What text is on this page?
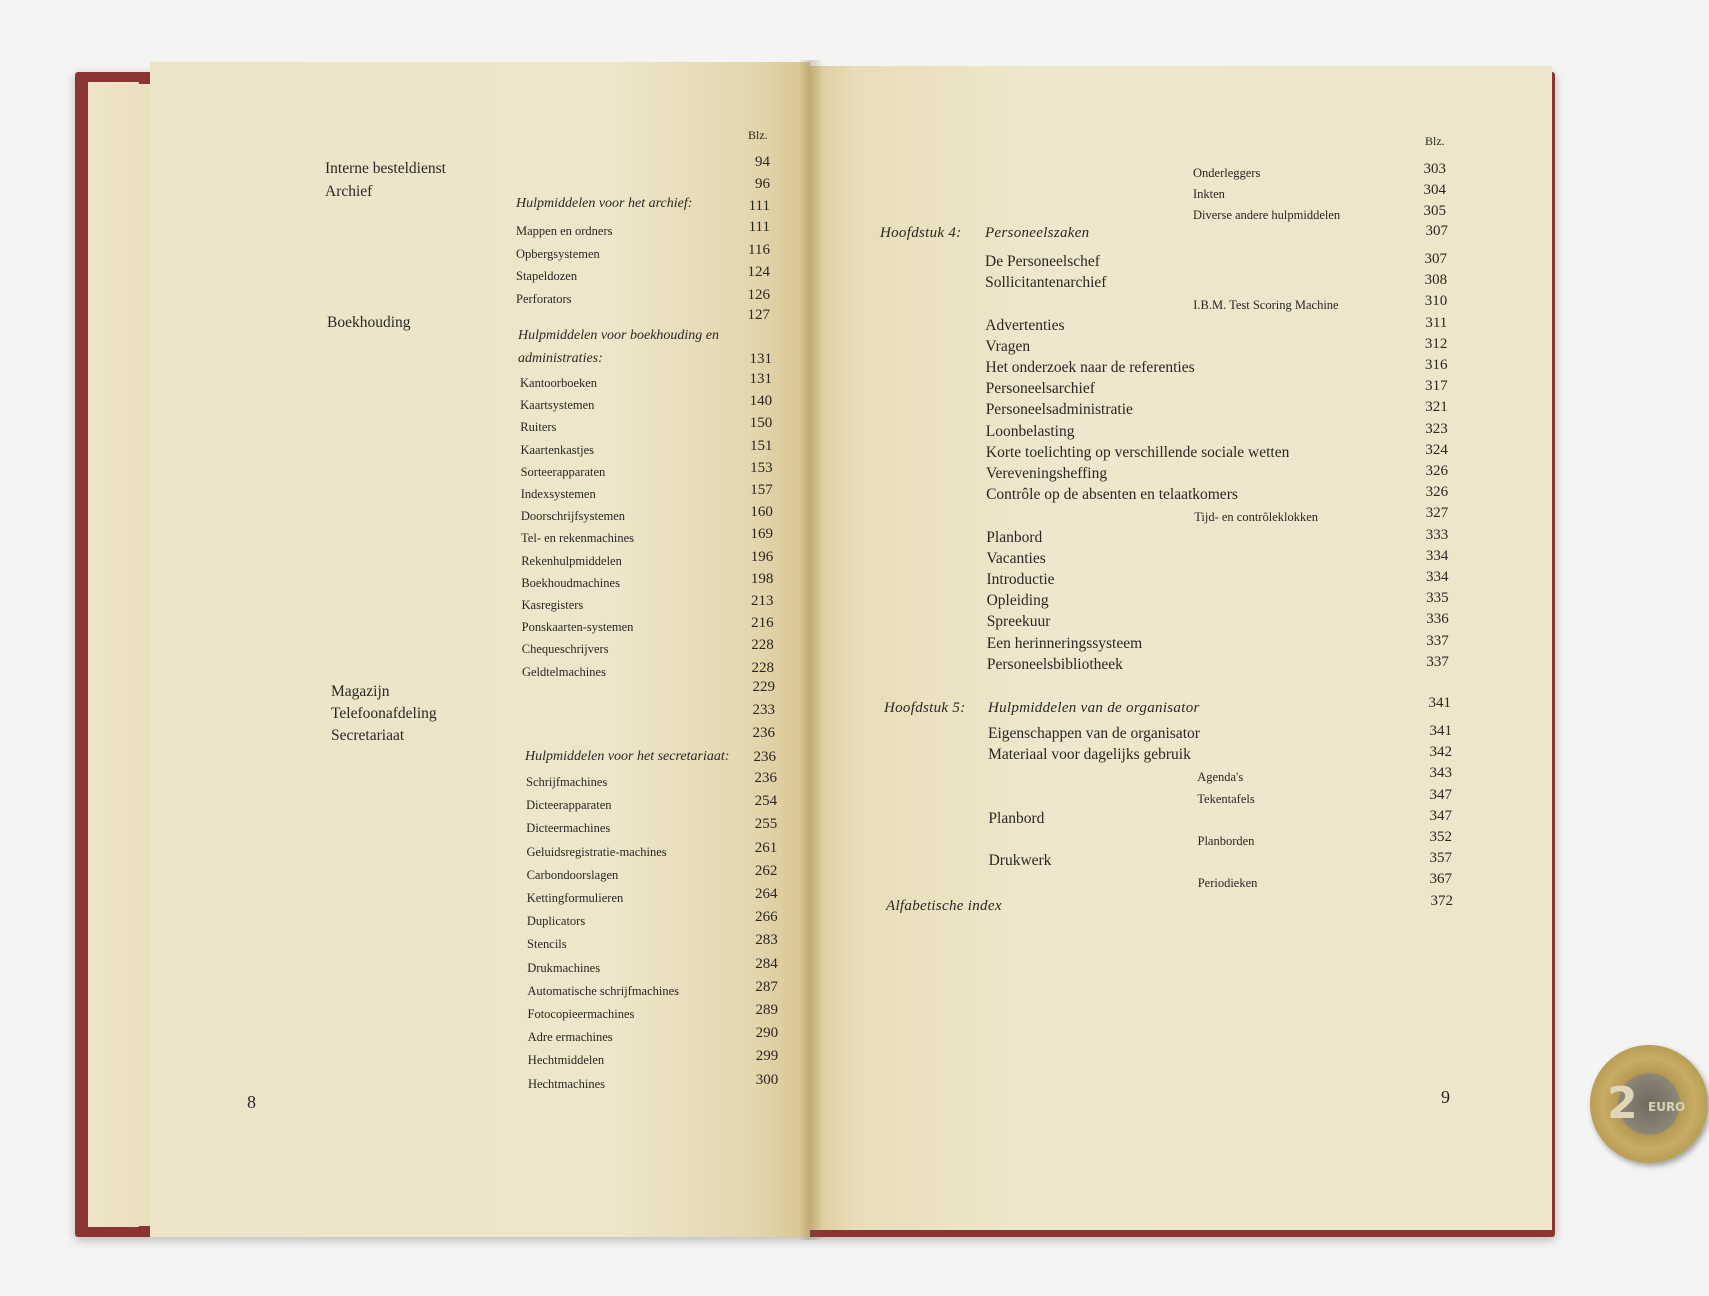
Blz.
Interne besteldienst	94
Archief	96
Hulpmiddelen voor het archief:	111
Mappen en ordners	111
Opbergsystemen	116
Stapeldozen	124
Perforators	126
Boekhouding	127
Hulpmiddelen voor boekhouding en
administraties:	131
Kantoorboeken	131
Kaartsystemen	140
Ruiters	150
Kaartenkastjes	151
Sorteerapparaten	153
Indexsystemen	157
Doorschrijfsystemen	160
Tel- en rekenmachines	169
Rekenhulpmiddelen	196
Boekhoudmachines	198
Kasregisters	213
Ponskaarten-systemen	216
Chequeschrijvers	228
Geldtelmachines	228
Magazijn	229
Telefoonafdeling	233
Secretariaat	236
Hulpmiddelen voor het secretariaat:	236
Schrijfmachines	236
Dicteerapparaten	254
Dicteermachines	255
Geluidsregistratie-machines	261
Carbondoorslagen	262
Kettingformulieren	264
Duplicators	266
Stencils	283
Drukmachines	284
Automatische schrijfmachines	287
Fotocopieermachines	289
Adre ermachines	290
Hechtmiddelen	299
Hechtmachines	300
8
Blz.
Onderleggers	303
Inkten	304
Diverse andere hulpmiddelen	305
Hoofdstuk 4: Personeelszaken	307
De Personeelschef	307
Sollicitantenarchief	308
I.B.M. Test Scoring Machine	310
Advertenties	311
Vragen	312
Het onderzoek naar de referenties	316
Personeelsarchief	317
Personeelsadministratie	321
Loonbelasting	323
Korte toelichting op verschillende sociale wetten	324
Vereveningsheffing	326
Contrôle op de absenten en telaatkomers	326
Tijd- en contrôleklokken	327
Planbord	333
Vacanties	334
Introductie	334
Opleiding	335
Spreekuur	336
Een herinneringssysteem	337
Personeelsbibliotheek	337
Hoofdstuk 5: Hulpmiddelen van de organisator	341
Eigenschappen van de organisator	341
Materiaal voor dagelijks gebruik	342
Agenda's	343
Tekentafels	347
Planbord	347
Planborden	352
Drukwerk	357
Periodieken	367
Alfabetische index	372
9	2 EURO
